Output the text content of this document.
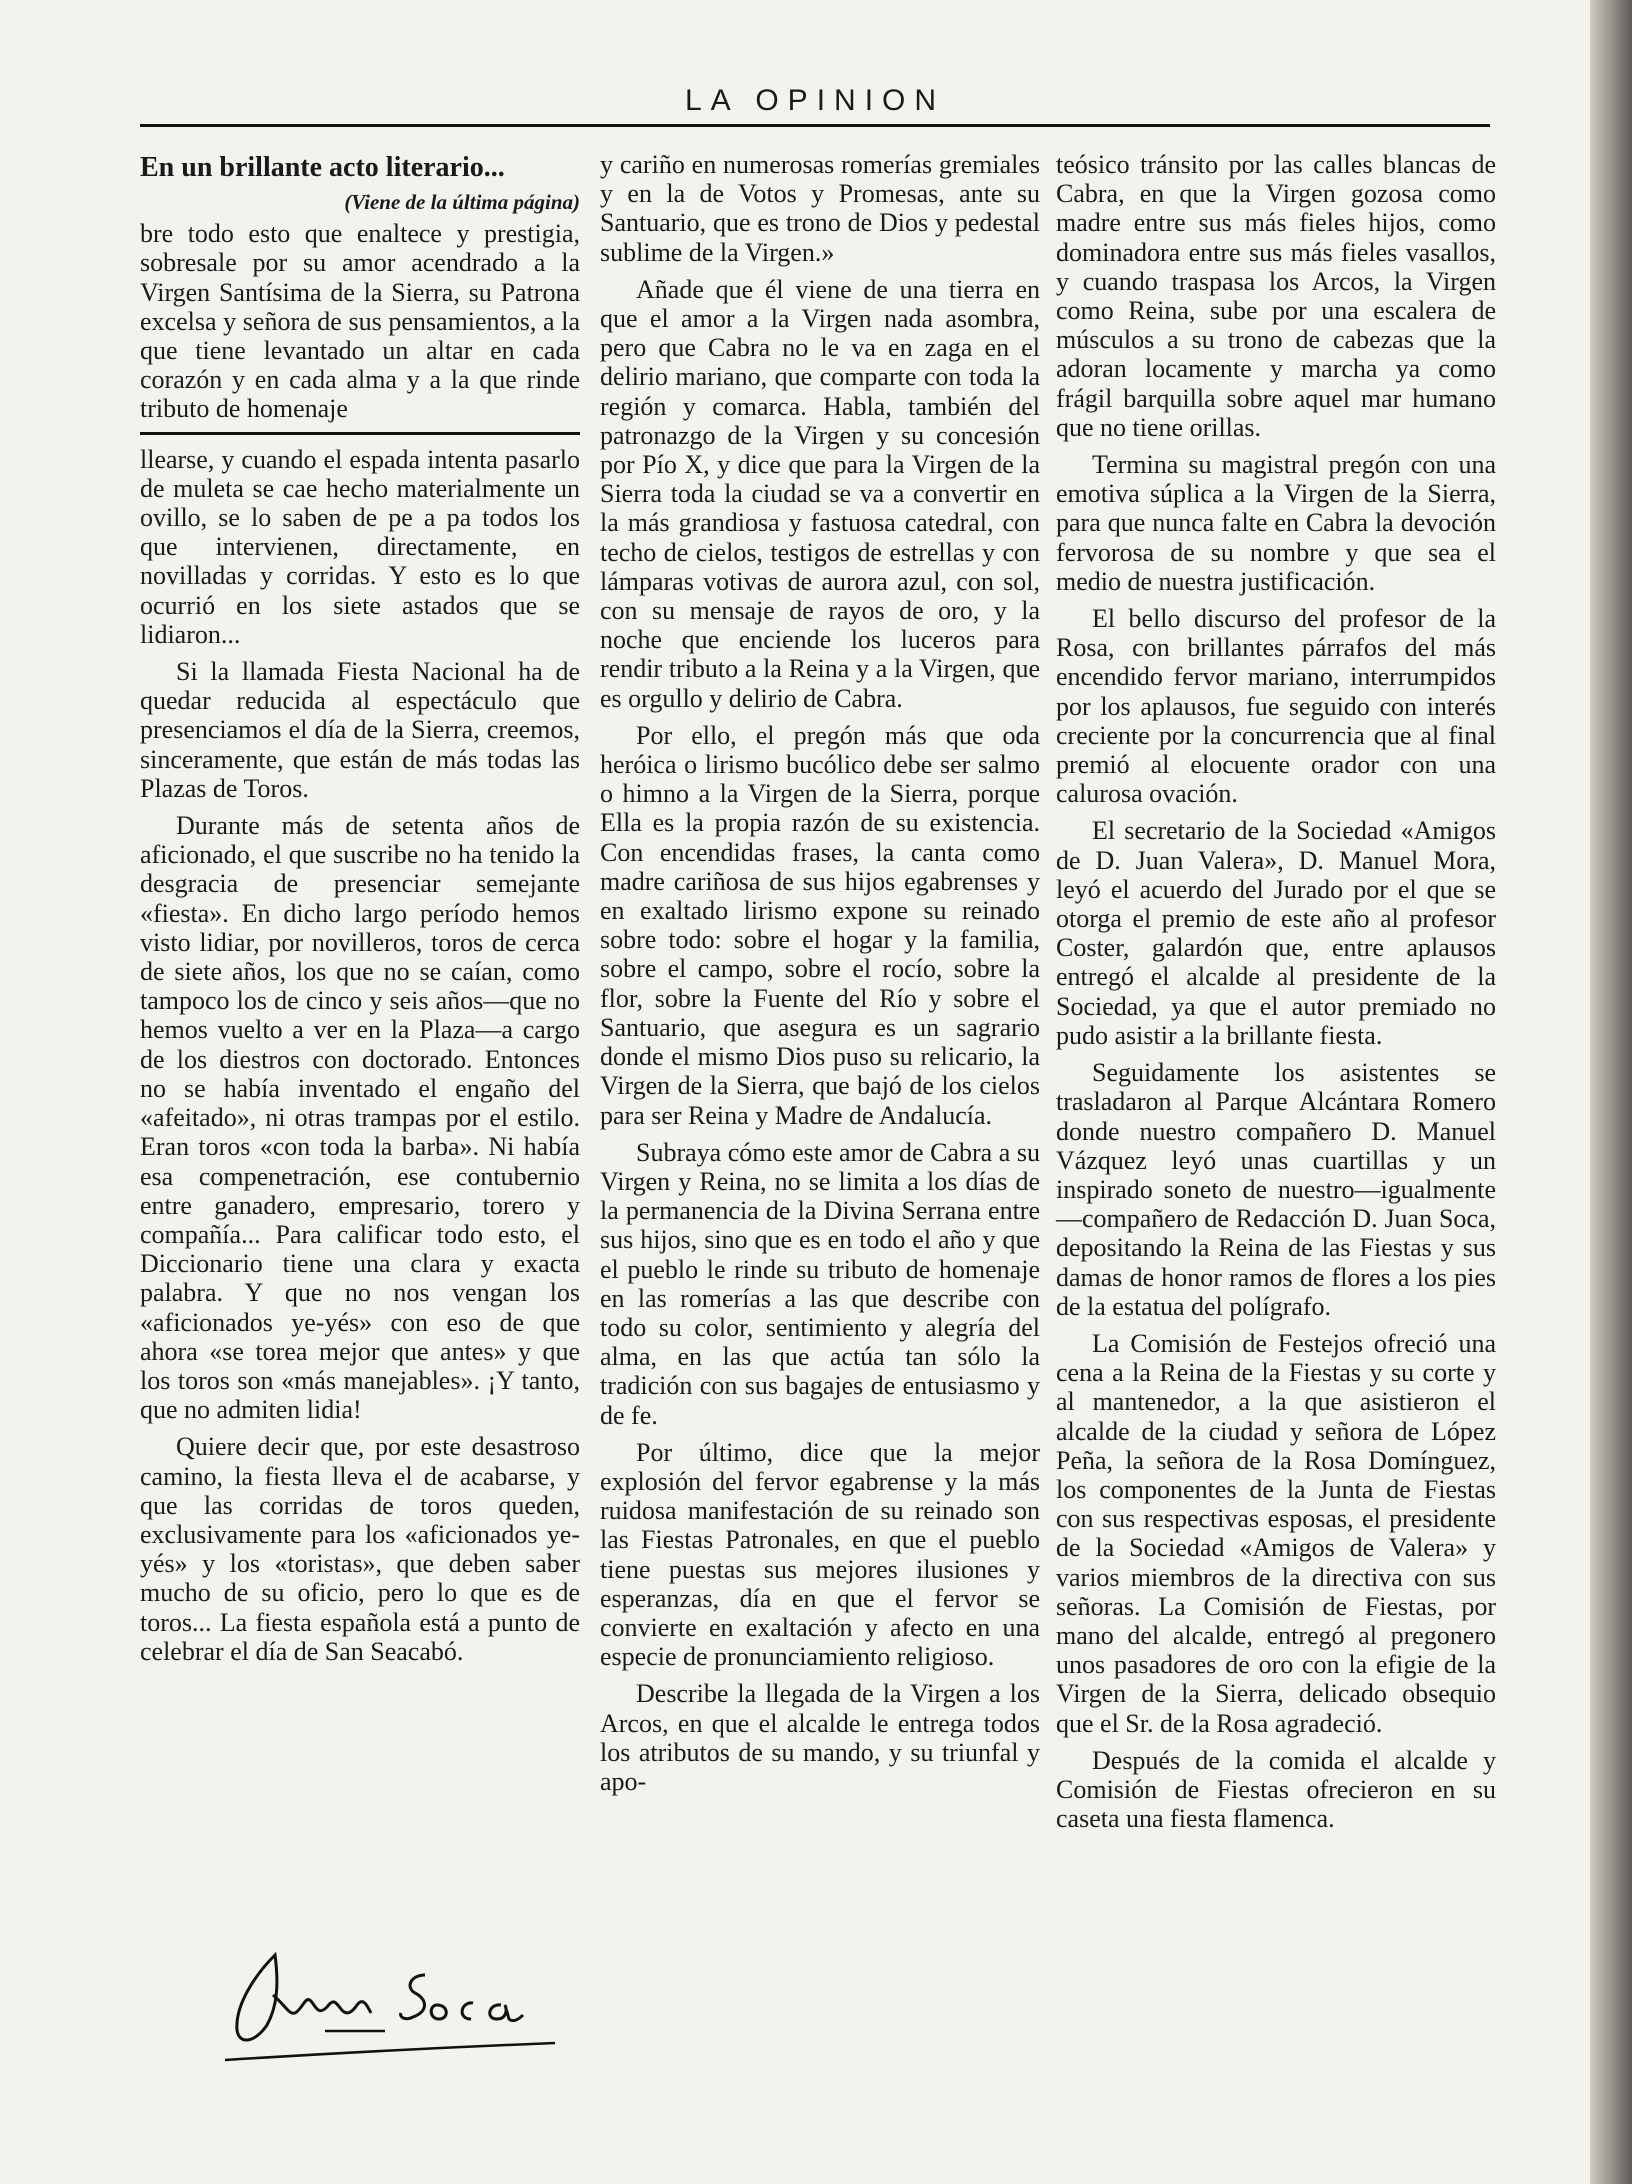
LA OPINION
En un brillante acto literario...
(Viene de la última página)

bre todo esto que enaltece y prestigia, sobresale por su amor acendrado a la Virgen Santísima de la Sierra, su Patrona excelsa y señora de sus pensamientos, a la que tiene levantado un altar en cada corazón y en cada alma y a la que rinde tributo de homenaje

llearse, y cuando el espada intenta pasarlo de muleta se cae hecho materialmente un ovillo, se lo saben de pe a pa todos los que intervienen, directamente, en novilladas y corridas. Y esto es lo que ocurrió en los siete astados que se lidiaron...

Si la llamada Fiesta Nacional ha de quedar reducida al espectáculo que presenciamos el día de la Sierra, creemos, sinceramente, que están de más todas las Plazas de Toros.

Durante más de setenta años de aficionado, el que suscribe no ha tenido la desgracia de presenciar semejante «fiesta». En dicho largo período hemos visto lidiar, por novilleros, toros de cerca de siete años, los que no se caían, como tampoco los de cinco y seis años—que no hemos vuelto a ver en la Plaza—a cargo de los diestros con doctorado. Entonces no se había inventado el engaño del «afeitado», ni otras trampas por el estilo. Eran toros «con toda la barba». Ni había esa compenetración, ese contubernio entre ganadero, empresario, torero y compañía... Para calificar todo esto, el Diccionario tiene una clara y exacta palabra. Y que no nos vengan los «aficionados ye-yés» con eso de que ahora «se torea mejor que antes» y que los toros son «más manejables». ¡Y tanto, que no admiten lidia!

Quiere decir que, por este desastroso camino, la fiesta lleva el de acabarse, y que las corridas de toros queden, exclusivamente para los «aficionados ye-yés» y los «toristas», que deben saber mucho de su oficio, pero lo que es de toros... La fiesta española está a punto de celebrar el día de San Seacabó.

y cariño en numerosas romerías gremiales y en la de Votos y Promesas, ante su Santuario, que es trono de Dios y pedestal sublime de la Virgen.»

Añade que él viene de una tierra en que el amor a la Virgen nada asombra, pero que Cabra no le va en zaga en el delirio mariano, que comparte con toda la región y comarca. Habla, también del patronazgo de la Virgen y su concesión por Pío X, y dice que para la Virgen de la Sierra toda la ciudad se va a convertir en la más grandiosa y fastuosa catedral, con techo de cielos, testigos de estrellas y con lámparas votivas de aurora azul, con sol, con su mensaje de rayos de oro, y la noche que enciende los luceros para rendir tributo a la Reina y a la Virgen, que es orgullo y delirio de Cabra.

Por ello, el pregón más que oda heróica o lirismo bucólico debe ser salmo o himno a la Virgen de la Sierra, porque Ella es la propia razón de su existencia. Con encendidas frases, la canta como madre cariñosa de sus hijos egabrenses y en exaltado lirismo expone su reinado sobre todo: sobre el hogar y la familia, sobre el campo, sobre el rocío, sobre la flor, sobre la Fuente del Río y sobre el Santuario, que asegura es un sagrario donde el mismo Dios puso su relicario, la Virgen de la Sierra, que bajó de los cielos para ser Reina y Madre de Andalucía.

Subraya cómo este amor de Cabra a su Virgen y Reina, no se limita a los días de la permanencia de la Divina Serrana entre sus hijos, sino que es en todo el año y que el pueblo le rinde su tributo de homenaje en las romerías a las que describe con todo su color, sentimiento y alegría del alma, en las que actúa tan sólo la tradición con sus bagajes de entusiasmo y de fe.

Por último, dice que la mejor explosión del fervor egabrense y la más ruidosa manifestación de su reinado son las Fiestas Patronales, en que el pueblo tiene puestas sus mejores ilusiones y esperanzas, día en que el fervor se convierte en exaltación y afecto en una especie de pronunciamiento religioso.

Describe la llegada de la Virgen a los Arcos, en que el alcalde le entrega todos los atributos de su mando, y su triunfal y apo-

teósico tránsito por las calles blancas de Cabra, en que la Virgen gozosa como madre entre sus más fieles hijos, como dominadora entre sus más fieles vasallos, y cuando traspasa los Arcos, la Virgen como Reina, sube por una escalera de músculos a su trono de cabezas que la adoran locamente y marcha ya como frágil barquilla sobre aquel mar humano que no tiene orillas.

Termina su magistral pregón con una emotiva súplica a la Virgen de la Sierra, para que nunca falte en Cabra la devoción fervorosa de su nombre y que sea el medio de nuestra justificación.

El bello discurso del profesor de la Rosa, con brillantes párrafos del más encendido fervor mariano, interrumpidos por los aplausos, fue seguido con interés creciente por la concurrencia que al final premió al elocuente orador con una calurosa ovación.

El secretario de la Sociedad «Amigos de D. Juan Valera», D. Manuel Mora, leyó el acuerdo del Jurado por el que se otorga el premio de este año al profesor Coster, galardón que, entre aplausos entregó el alcalde al presidente de la Sociedad, ya que el autor premiado no pudo asistir a la brillante fiesta.

Seguidamente los asistentes se trasladaron al Parque Alcántara Romero donde nuestro compañero D. Manuel Vázquez leyó unas cuartillas y un inspirado soneto de nuestro—igualmente—compañero de Redacción D. Juan Soca, depositando la Reina de las Fiestas y sus damas de honor ramos de flores a los pies de la estatua del polígrafo.

La Comisión de Festejos ofreció una cena a la Reina de la Fiestas y su corte y al mantenedor, a la que asistieron el alcalde de la ciudad y señora de López Peña, la señora de la Rosa Domínguez, los componentes de la Junta de Fiestas con sus respectivas esposas, el presidente de la Sociedad «Amigos de Valera» y varios miembros de la directiva con sus señoras. La Comisión de Fiestas, por mano del alcalde, entregó al pregonero unos pasadores de oro con la efigie de la Virgen de la Sierra, delicado obsequio que el Sr. de la Rosa agradeció.

Después de la comida el alcalde y Comisión de Fiestas ofrecieron en su caseta una fiesta flamenca.
